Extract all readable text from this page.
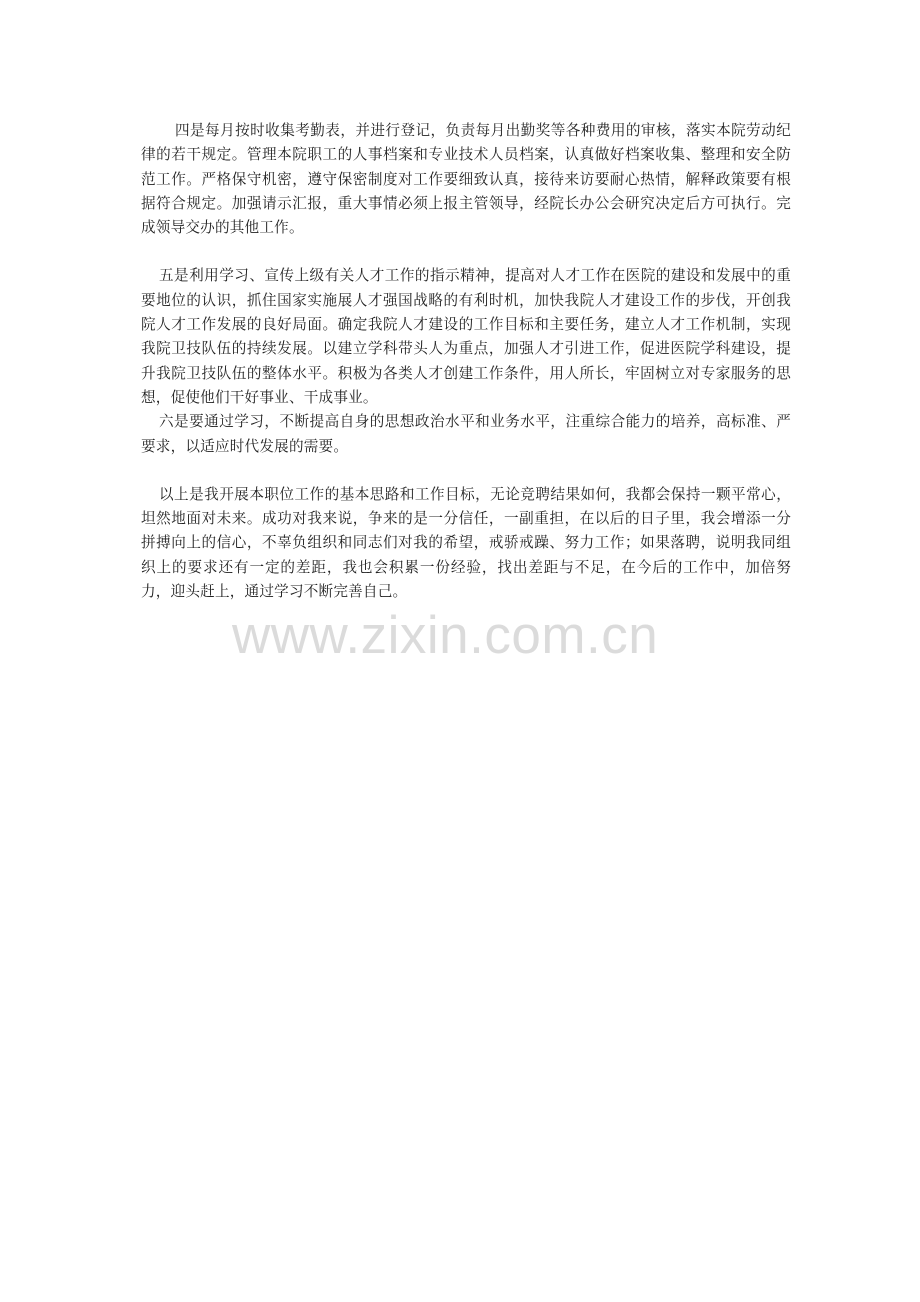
四是每月按时收集考勤表，并进行登记，负责每月出勤奖等各种费用的审核，落实本院劳动纪律的若干规定。管理本院职工的人事档案和专业技术人员档案，认真做好档案收集、整理和安全防范工作。严格保守机密，遵守保密制度对工作要细致认真，接待来访要耐心热情，解释政策要有根据符合规定。加强请示汇报，重大事情必须上报主管领导，经院长办公会研究决定后方可执行。完成领导交办的其他工作。

五是利用学习、宣传上级有关人才工作的指示精神，提高对人才工作在医院的建设和发展中的重要地位的认识，抓住国家实施展人才强国战略的有利时机，加快我院人才建设工作的步伐，开创我院人才工作发展的良好局面。确定我院人才建设的工作目标和主要任务，建立人才工作机制，实现我院卫技队伍的持续发展。以建立学科带头人为重点，加强人才引进工作，促进医院学科建设，提升我院卫技队伍的整体水平。积极为各类人才创建工作条件，用人所长，牢固树立对专家服务的思想，促使他们干好事业、干成事业。

六是要通过学习，不断提高自身的思想政治水平和业务水平，注重综合能力的培养，高标准、严要求，以适应时代发展的需要。

以上是我开展本职位工作的基本思路和工作目标，无论竞聘结果如何，我都会保持一颗平常心，坦然地面对未来。成功对我来说，争来的是一分信任，一副重担，在以后的日子里，我会增添一分拼搏向上的信心，不辜负组织和同志们对我的希望，戒骄戒躁、努力工作；如果落聘，说明我同组织上的要求还有一定的差距，我也会积累一份经验，找出差距与不足，在今后的工作中，加倍努力，迎头赶上，通过学习不断完善自己。

www.zixin.com.cn
